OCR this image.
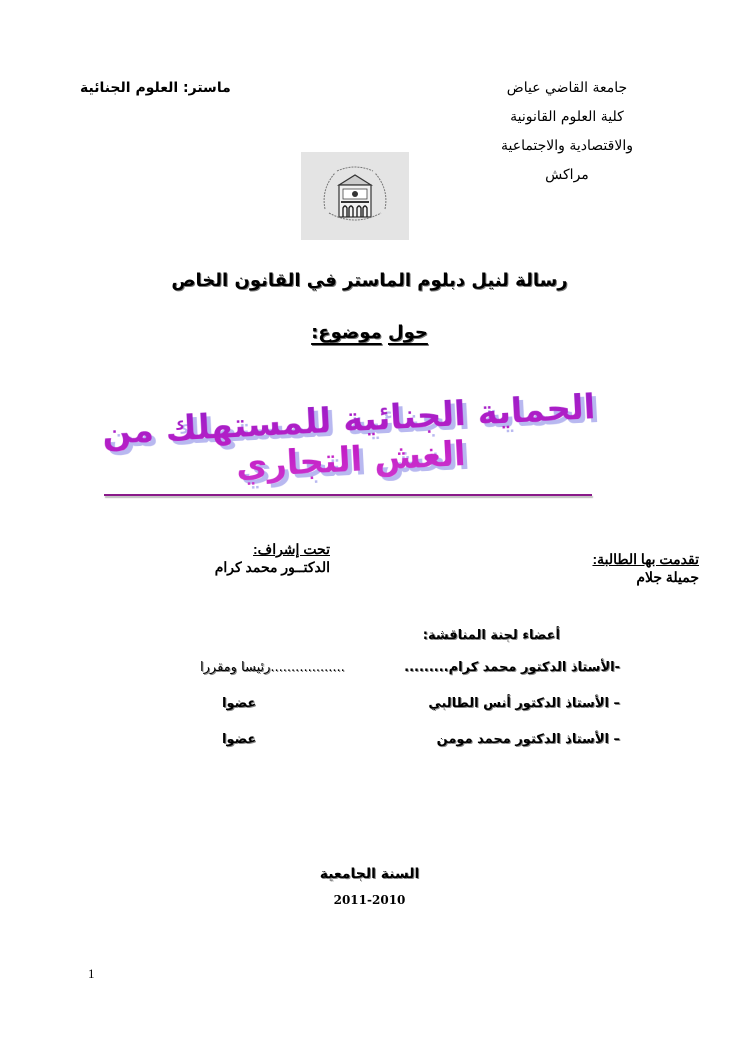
جامعة القاضي عياض
كلية العلوم القانونية
والاقتصادية والاجتماعية
مراكش
ماستر: العلوم الجنائية
رسالة لنيل دبلوم الماستر في القانون الخاص
حول موضوع:
الحماية الجنائية للمستهلك من الغش التجاري
تحت إشراف:
الدكتــور محمد كرام	تقدمت بها الطالبة:
جميلة جلام
أعضاء لجنة المناقشة:
-الأستاذ الدكتور محمد كرام.........
..................رئيسا ومقررا
– الأستاذ الدكتور أنس الطالبي
عضوا
– الأستاذ الدكتور محمد مومن
عضوا
السنة الجامعية
2011-2010
1
